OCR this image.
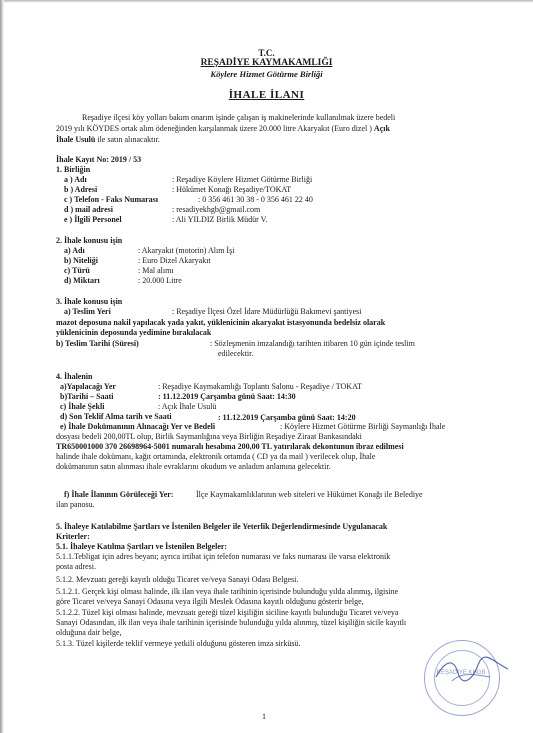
T.C.
REŞADİYE KAYMAKAMLIĞI
Köylere Hizmet Götürme Birliği
İHALE İLANI
Reşadiye ilçesi köy yolları bakım onarım işinde çalışan iş makinelerinde kullanılmak üzere bedeli
2019 yılı KÖYDES ortak alım ödeneğinden karşılanmak üzere 20.000 litre Akaryakıt (Euro dizel ) Açık
İhale Usulü ile satın alınacaktır.
İhale Kayıt No: 2019 / 53
1. Birliğin
a ) Adı	: Reşadiye Köylere Hizmet Götürme Birliği
b ) Adresi	: Hükümet Konağı Reşadiye/TOKAT
c ) Telefon - Faks Numarası	: 0 356 461 30 38 - 0 356 461 22 40
d ) mail adresi	: resadiyekhgb@gmail.com
e ) İlgili Personel	: Ali YILDIZ Birlik Müdür V.
2. İhale konusu işin
a) Adı	: Akaryakıt (motorin) Alım İşi
b) Niteliği	: Euro Dizel Akaryakıt
c) Türü	: Mal alımı
d) Miktarı	: 20.000 Litre
3. İhale konusu işin
a) Teslim Yeri	: Reşadiye İlçesi Özel İdare Müdürlüğü Bakımevi şantiyesi
mazot deposuna nakil yapılacak yada yakıt, yüklenicinin akaryakıt istasyonunda bedelsiz olarak
yüklenicinin deposunda yedimine bırakılacak
b) Teslim Tarihi (Süresi)	: Sözleşmenin imzalandığı tarihten itibaren 10 gün içinde teslim
edilecektir.
4. İhalenin
a)Yapılacağı Yer	: Reşadiye Kaymakamlığı Toplantı Salonu - Reşadiye / TOKAT
b)Tarihi – Saati	: 11.12.2019 Çarşamba günü Saat: 14:30
c) İhale Şekli	: Açık İhale Usulü
d) Son Teklif Alma tarih ve Saati	: 11.12.2019 Çarşamba günü Saat: 14:20
e) İhale Dokümanının Alınacağı Yer ve Bedeli	: Köylere Hizmet Götürme Birliği Saymanlığı İhale
dosyası bedeli 200,00TL olup, Birlik Saymanlığına veya Birliğin Reşadiye Ziraat Bankasındaki
TR650001000 370 26698964-5001 numaralı hesabına 200,00 TL yatırılarak dekontunun ibraz edilmesi
halinde ihale dokümanı, kağıt ortamında, elektronik ortamda ( CD ya da mail ) verilecek olup, İhale
dokümanının satın alınması ihale evraklarını okudum ve anladım anlamına gelecektir.
f) İhale İlanının Görüleceği Yer:	İlçe Kaymakamlıklarının web siteleri ve Hükümet Konağı ile Belediye
ilan panosu.
5. İhaleye Katılabilme Şartları ve İstenilen Belgeler ile Yeterlik Değerlendirmesinde Uygulanacak
Kriterler:
5.1. İhaleye Katılma Şartları ve İstenilen Belgeler:
5.1.1.Tebligat için adres beyanı; ayrıca irtibat için telefon numarası ve faks numarası ile varsa elektronik
posta adresi.
5.1.2. Mevzuatı gereği kayıtlı olduğu Ticaret ve/veya Sanayi Odası Belgesi.
5.1.2.1. Gerçek kişi olması halinde, ilk ilan veya ihale tarihinin içerisinde bulunduğu yılda alınmış, ilgisine
göre Ticaret ve/veya Sanayi Odasına veya ilgili Meslek Odasına kayıtlı olduğunu gösterir belge,
5.1.2.2. Tüzel kişi olması halinde, mevzuatı gereği tüzel kişiliğin siciline kayıtlı bulunduğu Ticaret ve/veya
Sanayi Odasından, ilk ilan veya ihale tarihinin içerisinde bulunduğu yılda alınmış, tüzel kişiliğin sicile kayıtlı
olduğuna dair belge,
5.1.3. Tüzel kişilerde teklif vermeye yetkili olduğunu gösteren imza sirküsü.
REŞADİYE KHGB
1
